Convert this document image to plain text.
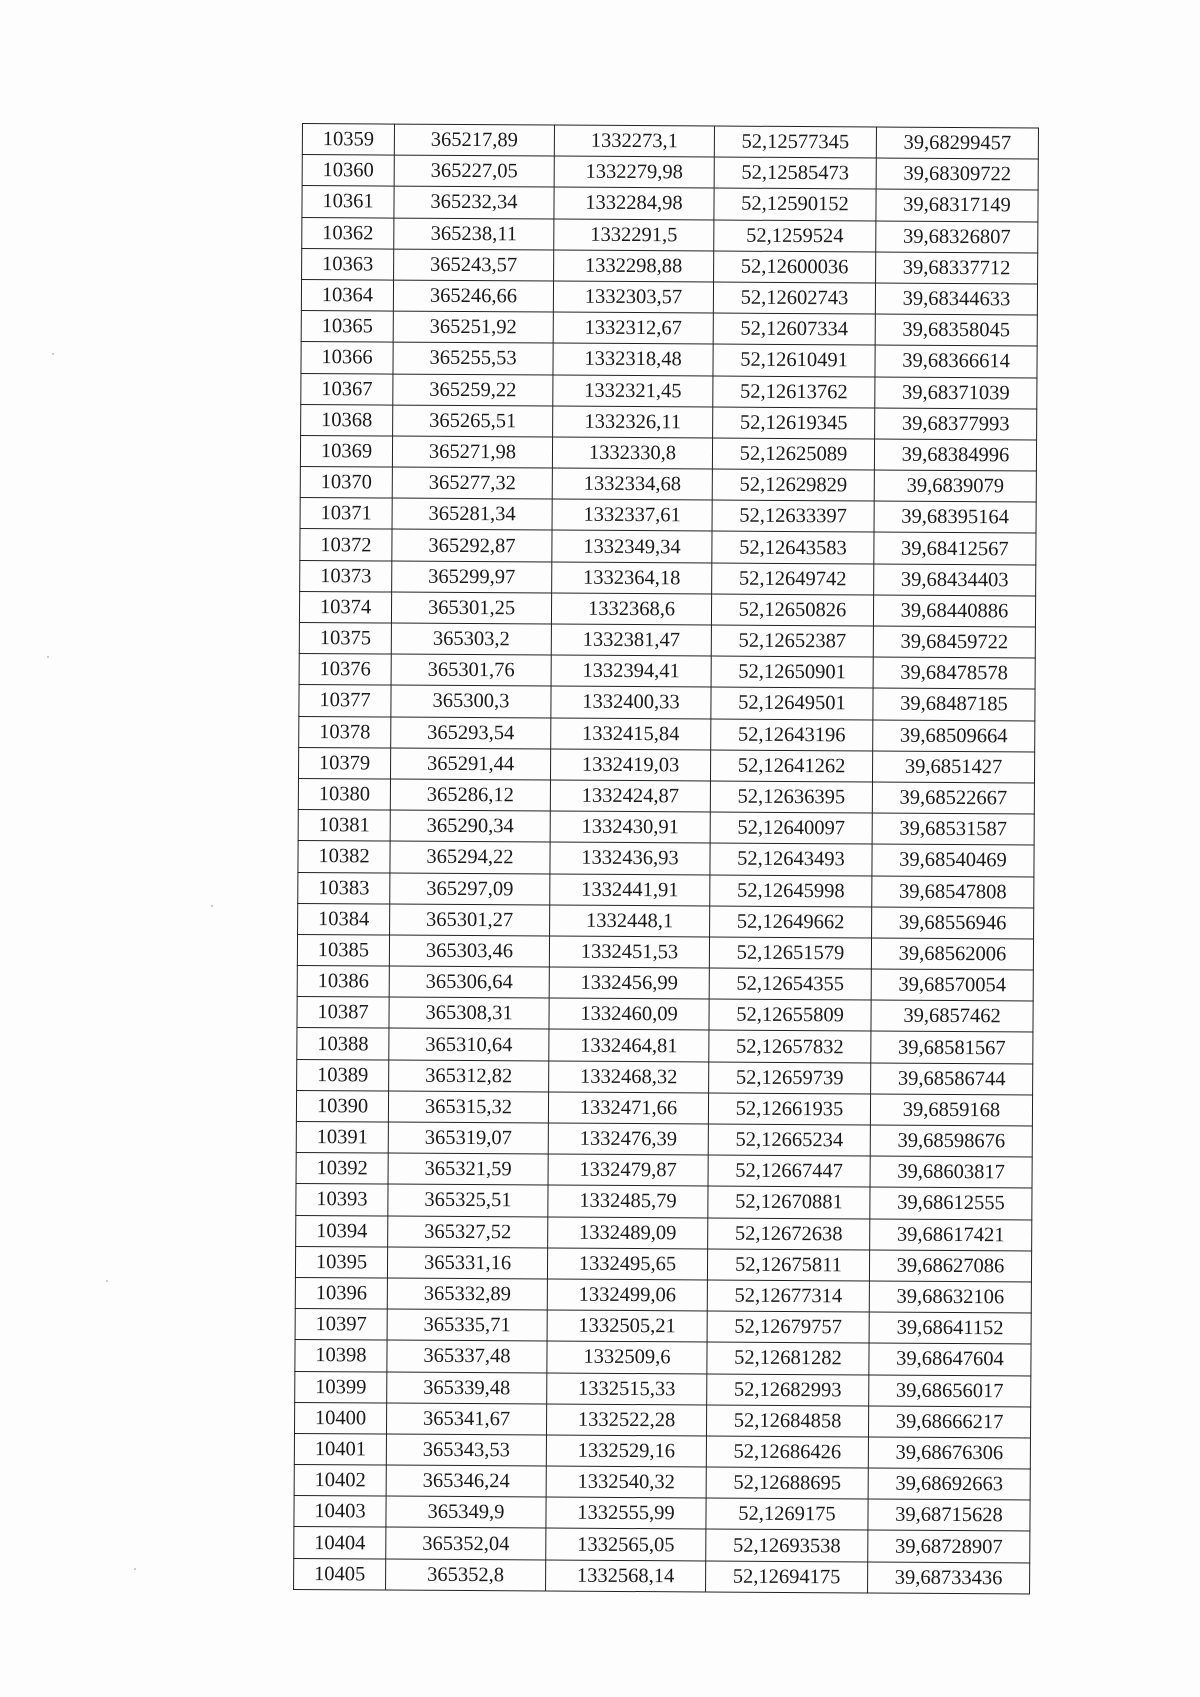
10359	365217,89	1332273,1	52,12577345	39,68299457
10360	365227,05	1332279,98	52,12585473	39,68309722
10361	365232,34	1332284,98	52,12590152	39,68317149
10362	365238,11	1332291,5	52,1259524	39,68326807
10363	365243,57	1332298,88	52,12600036	39,68337712
10364	365246,66	1332303,57	52,12602743	39,68344633
10365	365251,92	1332312,67	52,12607334	39,68358045
10366	365255,53	1332318,48	52,12610491	39,68366614
10367	365259,22	1332321,45	52,12613762	39,68371039
10368	365265,51	1332326,11	52,12619345	39,68377993
10369	365271,98	1332330,8	52,12625089	39,68384996
10370	365277,32	1332334,68	52,12629829	39,6839079
10371	365281,34	1332337,61	52,12633397	39,68395164
10372	365292,87	1332349,34	52,12643583	39,68412567
10373	365299,97	1332364,18	52,12649742	39,68434403
10374	365301,25	1332368,6	52,12650826	39,68440886
10375	365303,2	1332381,47	52,12652387	39,68459722
10376	365301,76	1332394,41	52,12650901	39,68478578
10377	365300,3	1332400,33	52,12649501	39,68487185
10378	365293,54	1332415,84	52,12643196	39,68509664
10379	365291,44	1332419,03	52,12641262	39,6851427
10380	365286,12	1332424,87	52,12636395	39,68522667
10381	365290,34	1332430,91	52,12640097	39,68531587
10382	365294,22	1332436,93	52,12643493	39,68540469
10383	365297,09	1332441,91	52,12645998	39,68547808
10384	365301,27	1332448,1	52,12649662	39,68556946
10385	365303,46	1332451,53	52,12651579	39,68562006
10386	365306,64	1332456,99	52,12654355	39,68570054
10387	365308,31	1332460,09	52,12655809	39,6857462
10388	365310,64	1332464,81	52,12657832	39,68581567
10389	365312,82	1332468,32	52,12659739	39,68586744
10390	365315,32	1332471,66	52,12661935	39,6859168
10391	365319,07	1332476,39	52,12665234	39,68598676
10392	365321,59	1332479,87	52,12667447	39,68603817
10393	365325,51	1332485,79	52,12670881	39,68612555
10394	365327,52	1332489,09	52,12672638	39,68617421
10395	365331,16	1332495,65	52,12675811	39,68627086
10396	365332,89	1332499,06	52,12677314	39,68632106
10397	365335,71	1332505,21	52,12679757	39,68641152
10398	365337,48	1332509,6	52,12681282	39,68647604
10399	365339,48	1332515,33	52,12682993	39,68656017
10400	365341,67	1332522,28	52,12684858	39,68666217
10401	365343,53	1332529,16	52,12686426	39,68676306
10402	365346,24	1332540,32	52,12688695	39,68692663
10403	365349,9	1332555,99	52,1269175	39,68715628
10404	365352,04	1332565,05	52,12693538	39,68728907
10405	365352,8	1332568,14	52,12694175	39,68733436
